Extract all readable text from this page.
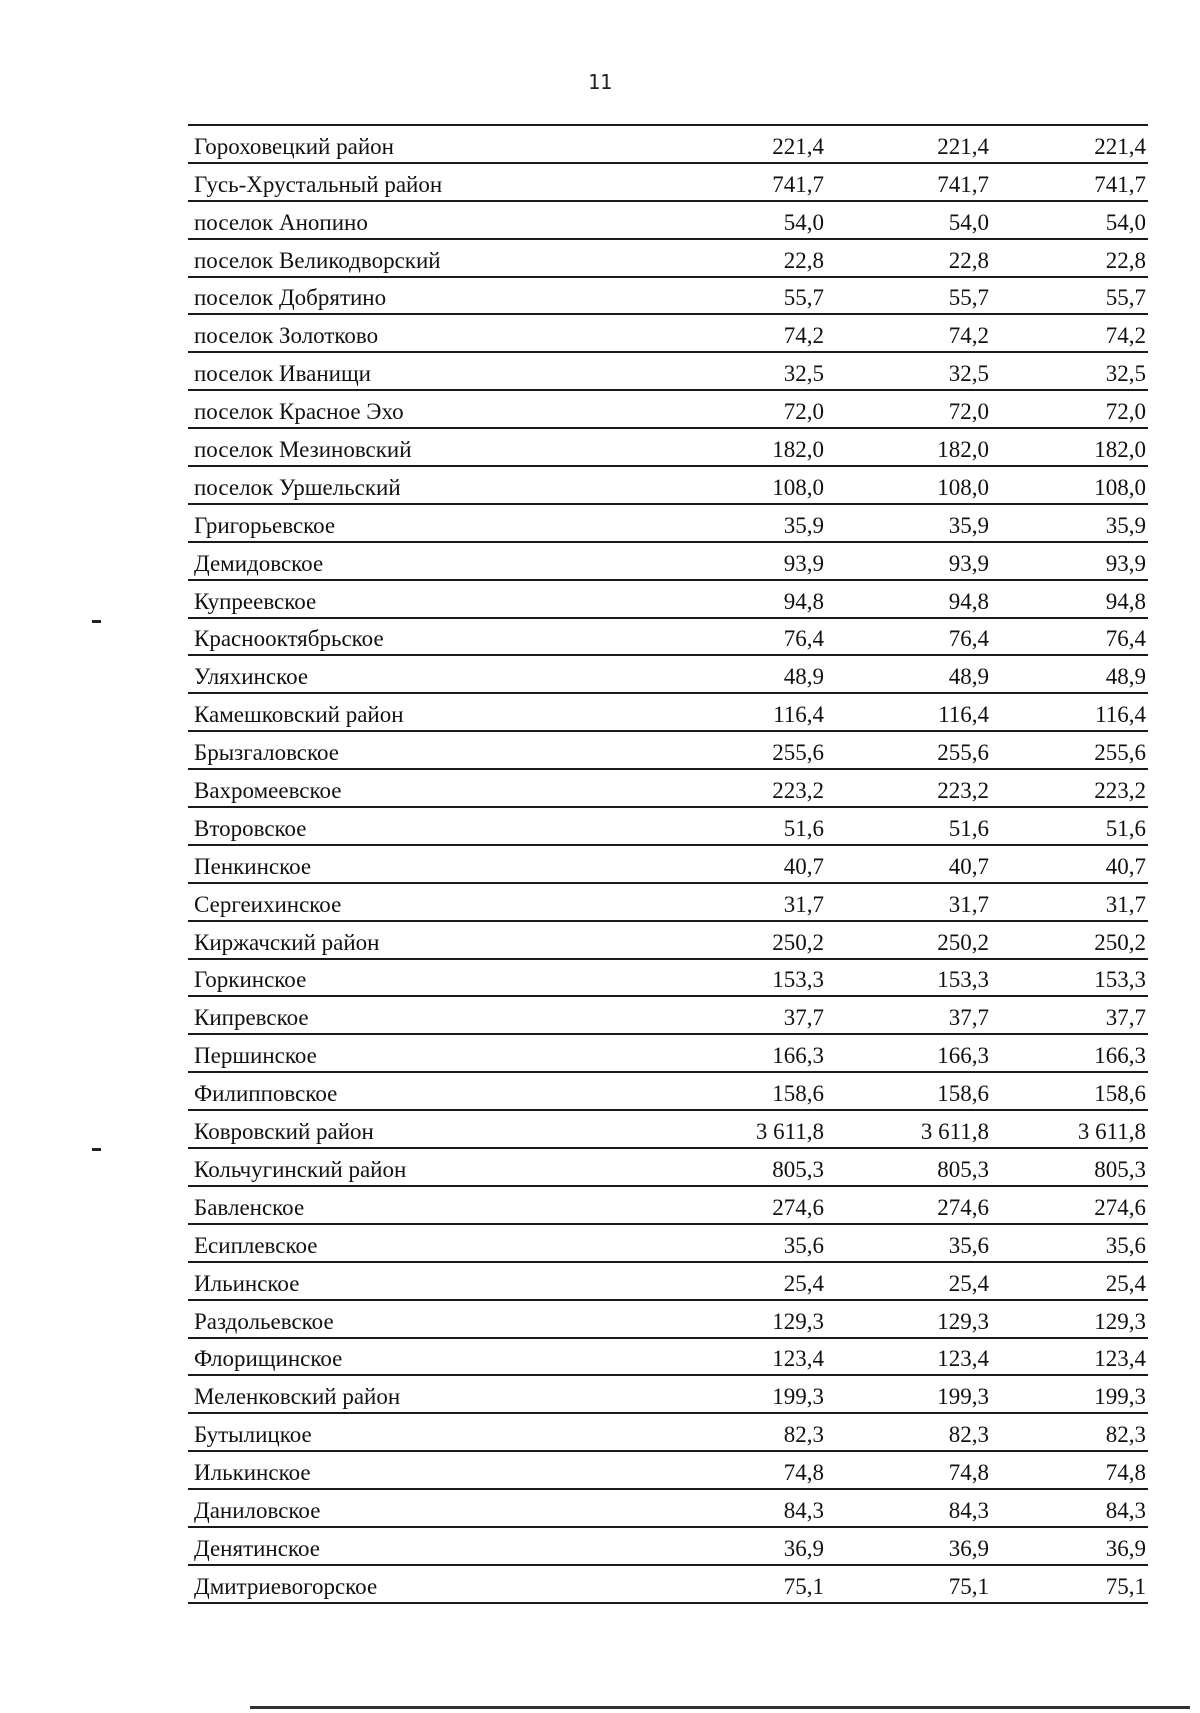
11
Гороховецкий район	221,4	221,4	221,4
Гусь-Хрустальный район	741,7	741,7	741,7
поселок Анопино	54,0	54,0	54,0
поселок Великодворский	22,8	22,8	22,8
поселок Добрятино	55,7	55,7	55,7
поселок Золотково	74,2	74,2	74,2
поселок Иванищи	32,5	32,5	32,5
поселок Красное Эхо	72,0	72,0	72,0
поселок Мезиновский	182,0	182,0	182,0
поселок Уршельский	108,0	108,0	108,0
Григорьевское	35,9	35,9	35,9
Демидовское	93,9	93,9	93,9
Купреевское	94,8	94,8	94,8
Краснооктябрьское	76,4	76,4	76,4
Уляхинское	48,9	48,9	48,9
Камешковский район	116,4	116,4	116,4
Брызгаловское	255,6	255,6	255,6
Вахромеевское	223,2	223,2	223,2
Второвское	51,6	51,6	51,6
Пенкинское	40,7	40,7	40,7
Сергеихинское	31,7	31,7	31,7
Киржачский район	250,2	250,2	250,2
Горкинское	153,3	153,3	153,3
Кипревское	37,7	37,7	37,7
Першинское	166,3	166,3	166,3
Филипповское	158,6	158,6	158,6
Ковровский район	3 611,8	3 611,8	3 611,8
Кольчугинский район	805,3	805,3	805,3
Бавленское	274,6	274,6	274,6
Есиплевское	35,6	35,6	35,6
Ильинское	25,4	25,4	25,4
Раздольевское	129,3	129,3	129,3
Флорищинское	123,4	123,4	123,4
Меленковский район	199,3	199,3	199,3
Бутылицкое	82,3	82,3	82,3
Илькинское	74,8	74,8	74,8
Даниловское	84,3	84,3	84,3
Денятинское	36,9	36,9	36,9
Дмитриевогорское	75,1	75,1	75,1
